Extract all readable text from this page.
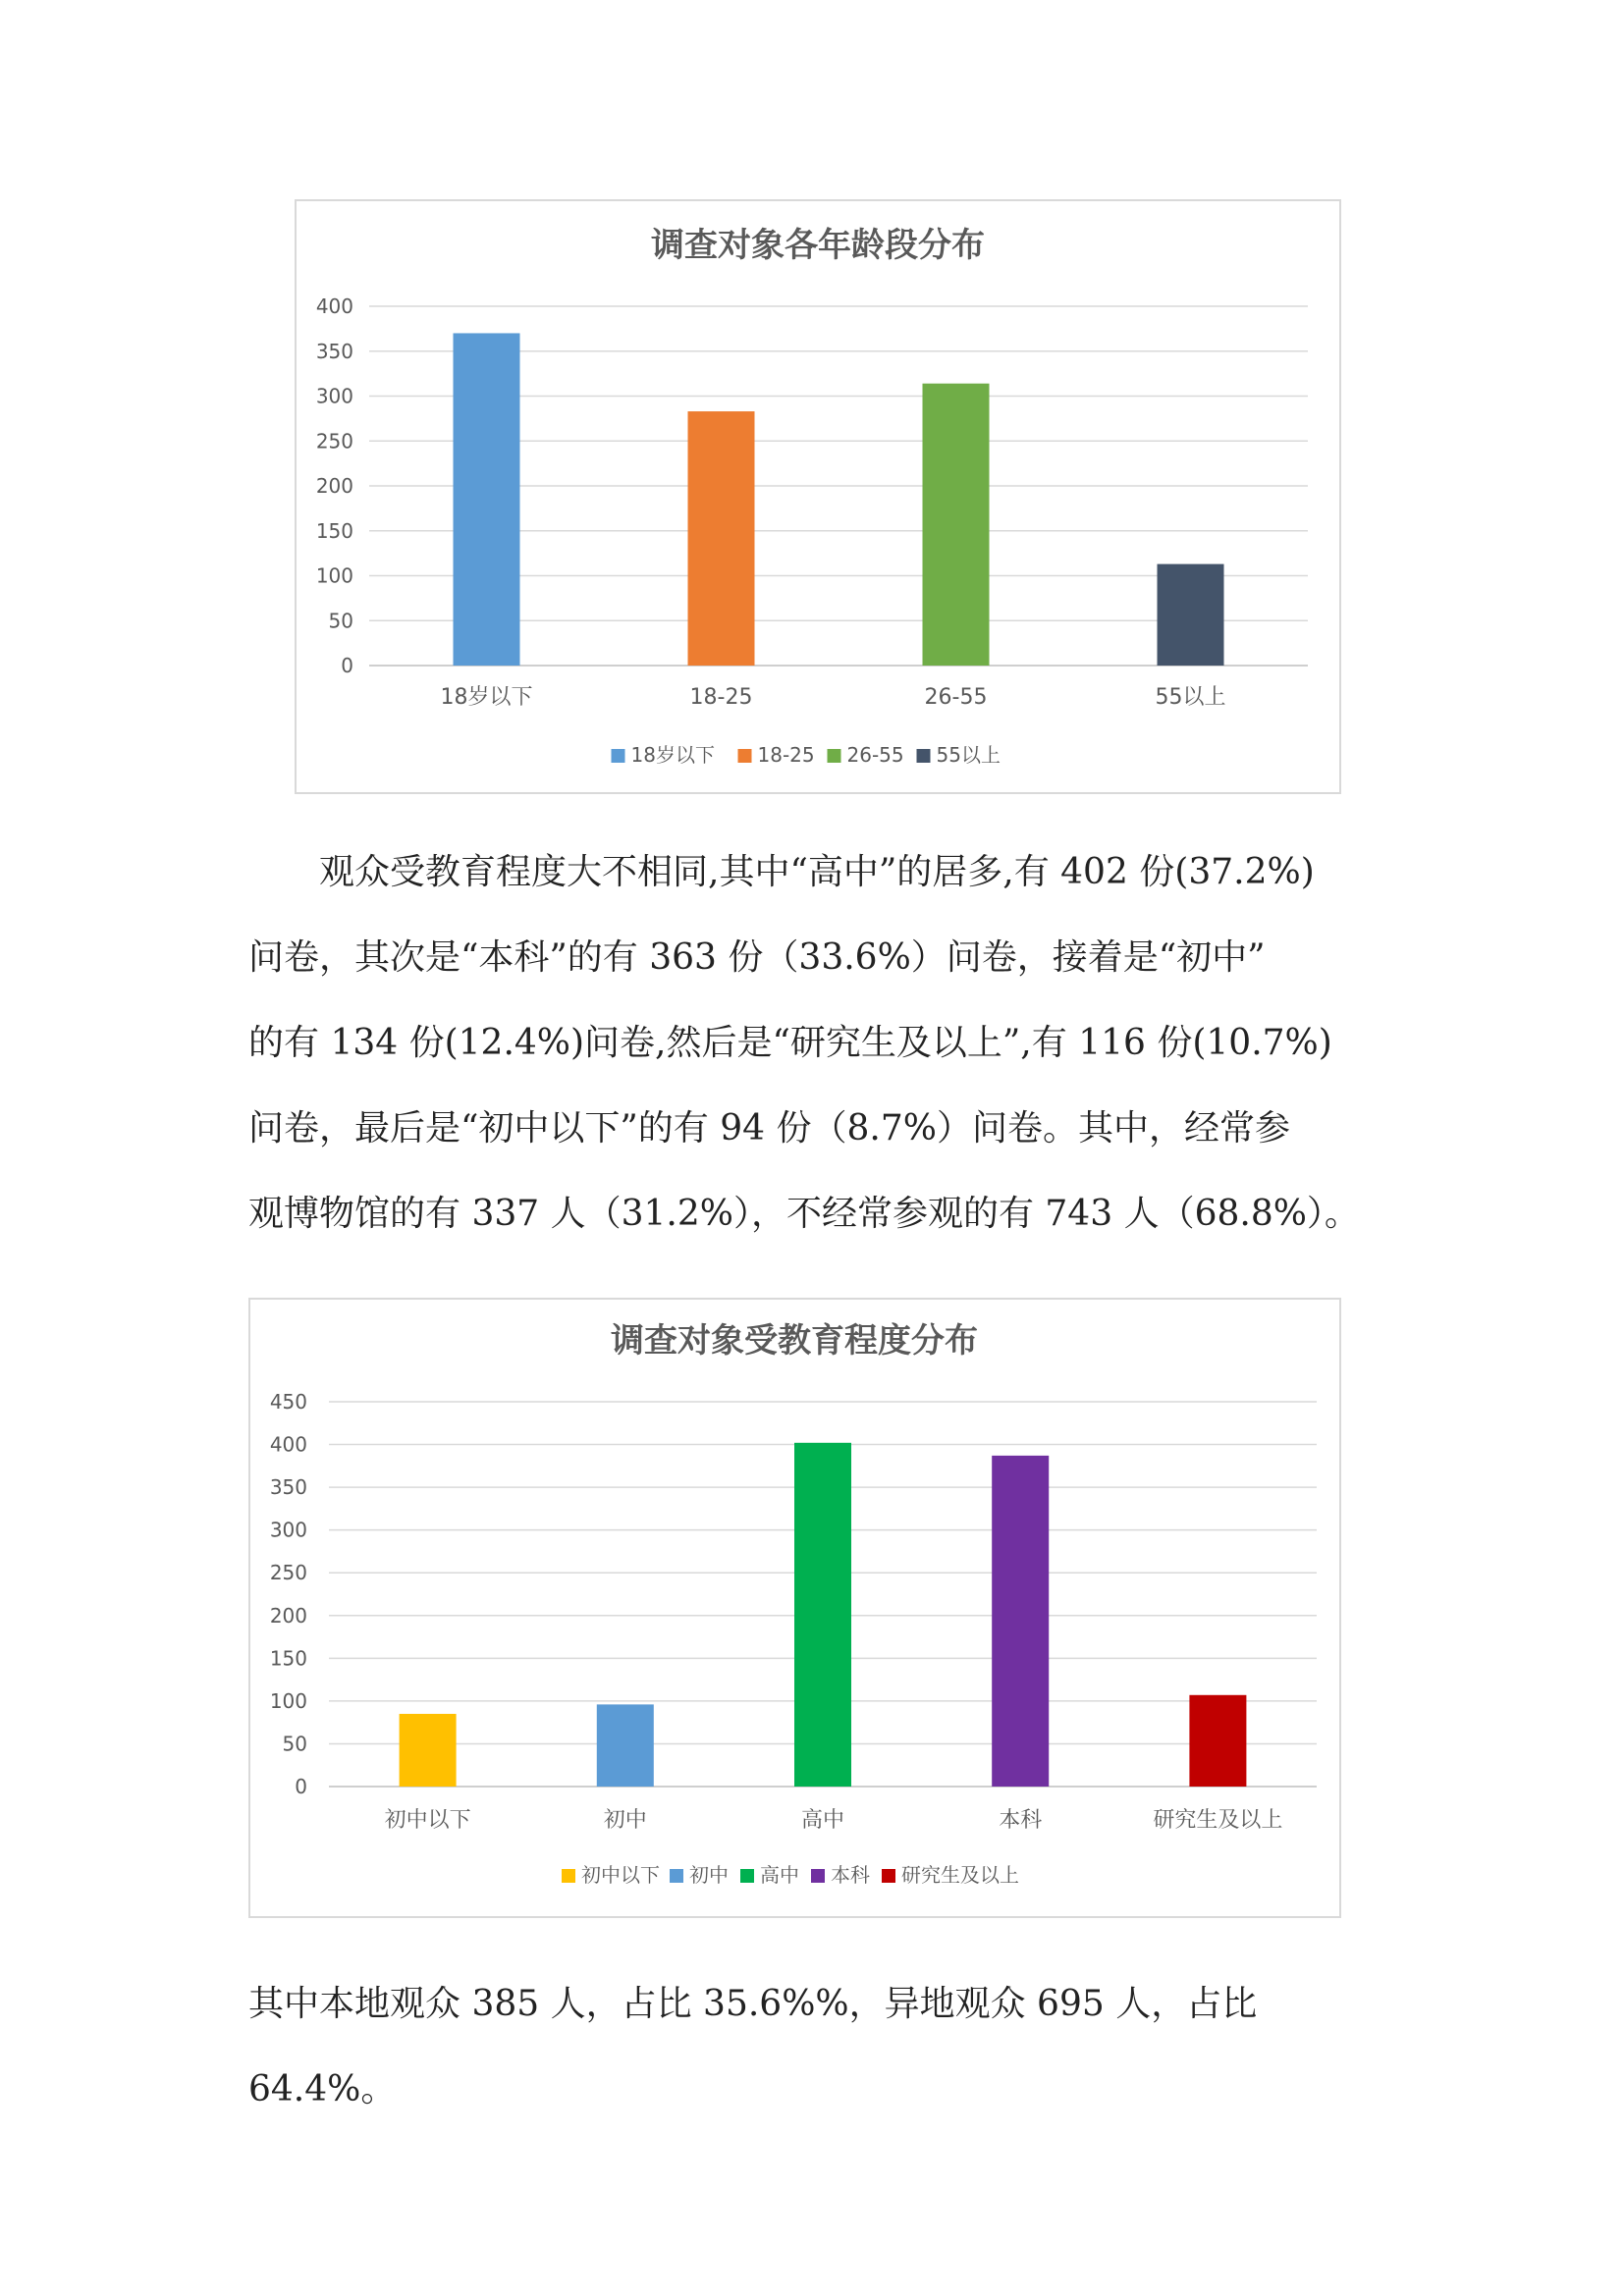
调查对象各年龄段分布
0
50
100
150
200
250
300
350
400
18岁以下	18-25	26-55	55以上
18岁以下 18-25 26-55 55以上

观众受教育程度大不相同,其中“高中”的居多,有 402 份(37.2%)

问卷，其次是“本科”的有 363 份（33.6%）问卷，接着是“初中”

的有 134 份(12.4%)问卷,然后是“研究生及以上”,有 116 份(10.7%)

问卷，最后是“初中以下”的有 94 份（8.7%）问卷。其中，经常参

观博物馆的有 337 人（31.2%），不经常参观的有 743 人（68.8%）。

调查对象受教育程度分布
0
50
100
150
200
250
300
350
400
450
初中以下	初中	高中	本科	研究生及以上
初中以下 初中 高中 本科 研究生及以上

其中本地观众 385 人，占比 35.6%%，异地观众 695 人，占比 64.4%。
